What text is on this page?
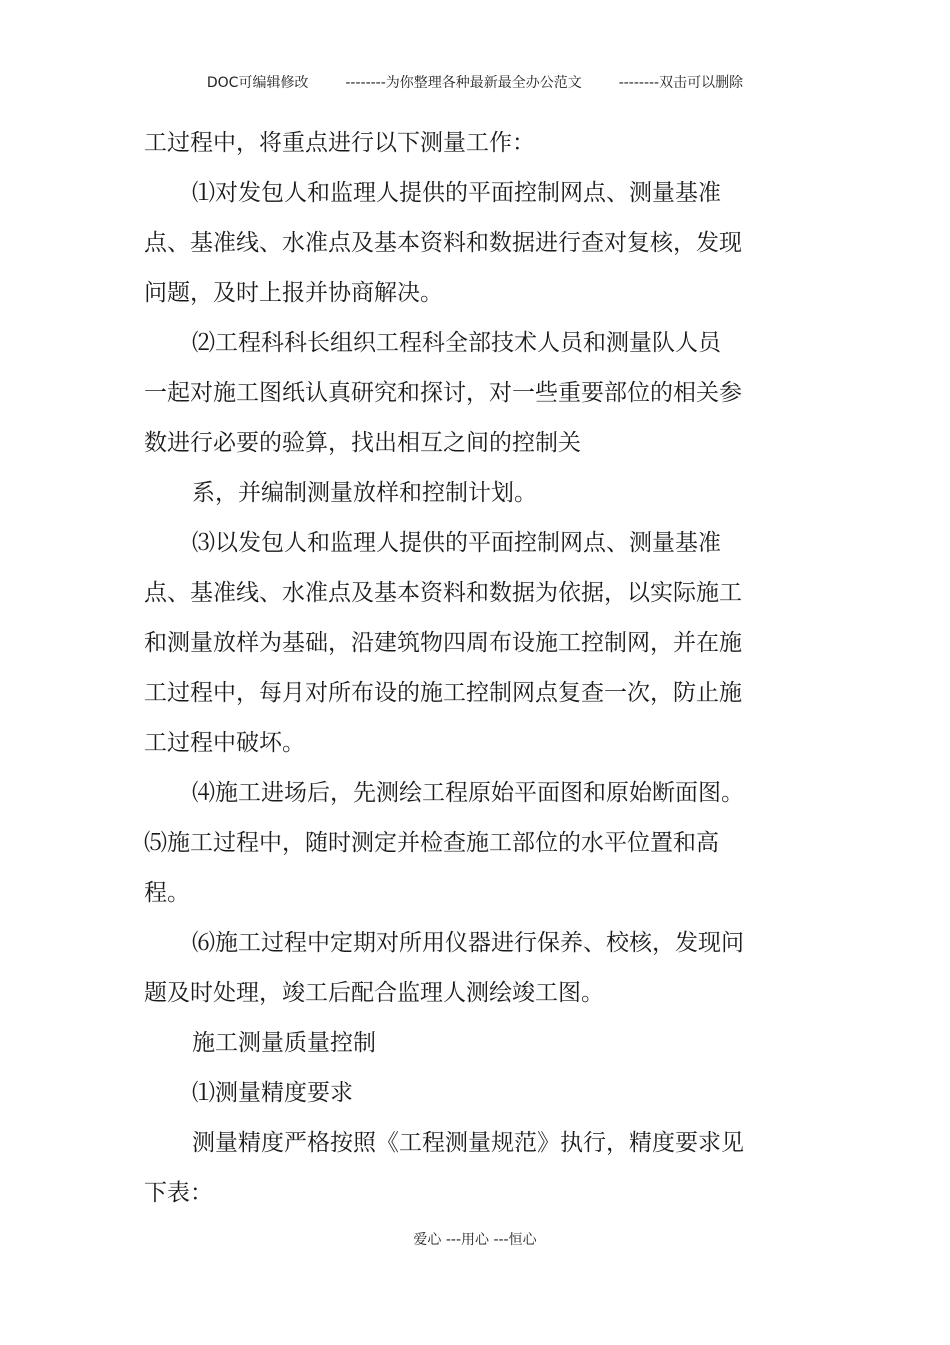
DOC可编辑修改	--------为你整理各种最新最全办公范文	--------双击可以删除
工过程中，将重点进行以下测量工作：
⑴对发包人和监理人提供的平面控制网点、测量基准
点、基准线、水准点及基本资料和数据进行查对复核，发现
问题，及时上报并协商解决。
⑵工程科科长组织工程科全部技术人员和测量队人员
一起对施工图纸认真研究和探讨，对一些重要部位的相关参
数进行必要的验算，找出相互之间的控制关
系，并编制测量放样和控制计划。
⑶以发包人和监理人提供的平面控制网点、测量基准
点、基准线、水准点及基本资料和数据为依据，以实际施工
和测量放样为基础，沿建筑物四周布设施工控制网，并在施
工过程中，每月对所布设的施工控制网点复查一次，防止施
工过程中破坏。
⑷施工进场后，先测绘工程原始平面图和原始断面图。
⑸施工过程中，随时测定并检查施工部位的水平位置和高
程。
⑹施工过程中定期对所用仪器进行保养、校核，发现问
题及时处理，竣工后配合监理人测绘竣工图。
施工测量质量控制
⑴测量精度要求
测量精度严格按照《工程测量规范》执行，精度要求见
下表：
爱心 ---用心 ---恒心
